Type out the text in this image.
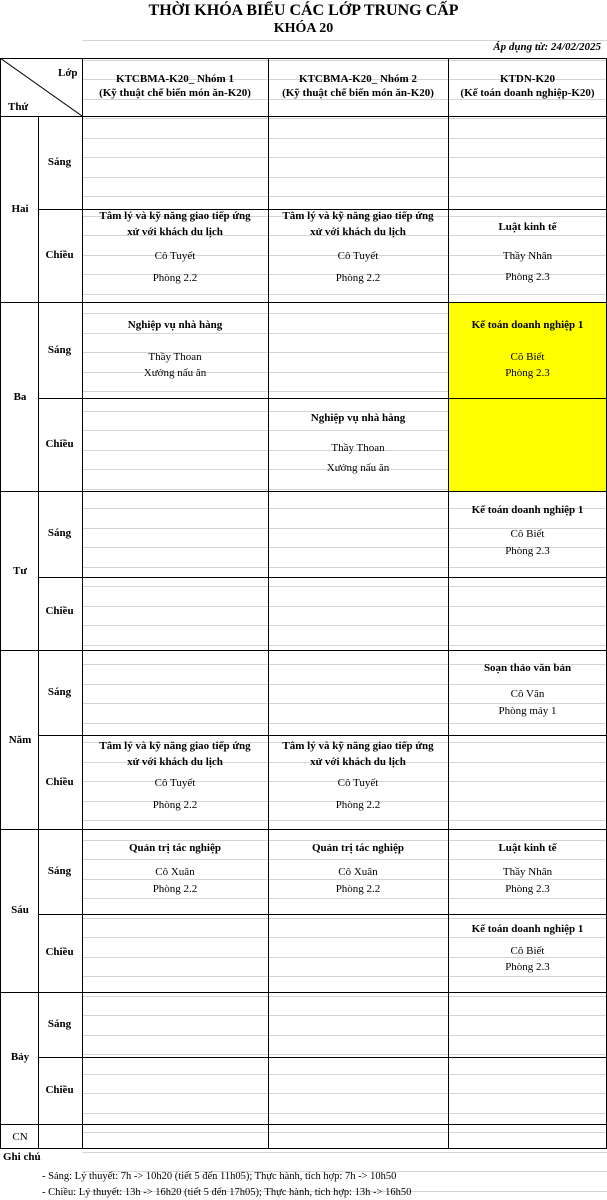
THỜI KHÓA BIỂU CÁC LỚP TRUNG CẤP
KHÓA 20
Áp dụng từ: 24/02/2025
Lớp
Thứ
KTCBMA-K20_ Nhóm 1
(Kỹ thuật chế biến món ăn-K20)
KTCBMA-K20_ Nhóm 2
(Kỹ thuật chế biến món ăn-K20)
KTDN-K20
(Kế toán doanh nghiệp-K20)
Hai
Ba
Tư
Năm
Sáu
Bảy
CN
Sáng
Chiều
Sáng
Chiều
Sáng
Chiều
Sáng
Chiều
Sáng
Chiều
Sáng
Chiều
Tâm lý và kỹ năng giao tiếp ứng
xử với khách du lịch
Cô Tuyết
Phòng 2.2
Tâm lý và kỹ năng giao tiếp ứng
xử với khách du lịch
Cô Tuyết
Phòng 2.2
Luật kinh tế
Thầy Nhân
Phòng 2.3
Nghiệp vụ nhà hàng
Thầy Thoan
Xưởng nấu ăn
Kế toán doanh nghiệp 1
Cô Biết
Phòng 2.3
Nghiệp vụ nhà hàng
Thầy Thoan
Xưởng nấu ăn
Kế toán doanh nghiệp 1
Cô Biết
Phòng 2.3
Soạn thảo văn bản
Cô Vân
Phòng máy 1
Tâm lý và kỹ năng giao tiếp ứng
xử với khách du lịch
Cô Tuyết
Phòng 2.2
Tâm lý và kỹ năng giao tiếp ứng
xử với khách du lịch
Cô Tuyết
Phòng 2.2
Quản trị tác nghiệp
Cô Xuân
Phòng 2.2
Quản trị tác nghiệp
Cô Xuân
Phòng 2.2
Luật kinh tế
Thầy Nhân
Phòng 2.3
Kế toán doanh nghiệp 1
Cô Biết
Phòng 2.3
Ghi chú
- Sáng: Lý thuyết: 7h -> 10h20 (tiết 5 đến 11h05); Thực hành, tích hợp: 7h -> 10h50
- Chiều: Lý thuyết: 13h -> 16h20 (tiết 5 đến 17h05); Thực hành, tích hợp: 13h -> 16h50
